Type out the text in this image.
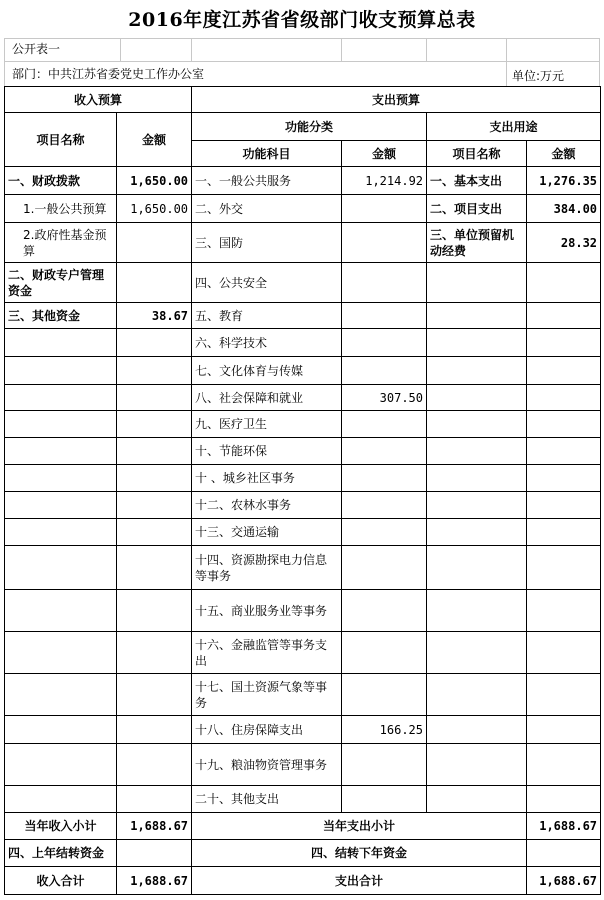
2016年度江苏省省级部门收支预算总表
公开表一
部门：中共江苏省委党史工作办公室	单位:万元
收入预算		支出预算			
项目名称	金额	功能分类		支出用途	
		功能科目	金额	项目名称	金额
一、财政拨款	1,650.00	一、一般公共服务	1,214.92	一、基本支出	1,276.35
1.一般公共预算	1,650.00	二、外交		二、项目支出	384.00
2.政府性基金预算		三、国防		三、单位预留机动经费	28.32
二、财政专户管理资金		四、公共安全			
三、其他资金	38.67	五、教育			
		六、科学技术			
		七、文化体育与传媒			
		八、社会保障和就业	307.50		
		九、医疗卫生			
		十、节能环保			
		十 、城乡社区事务			
		十二、农林水事务			
		十三、交通运输			
		十四、资源勘探电力信息等事务			
		十五、商业服务业等事务			
		十六、金融监管等事务支出			
		十七、国土资源气象等事务			
		十八、住房保障支出	166.25		
		十九、粮油物资管理事务			
		二十、其他支出			
当年收入小计	1,688.67	当年支出小计			1,688.67
四、上年结转资金		四、结转下年资金			
收入合计	1,688.67	支出合计			1,688.67
